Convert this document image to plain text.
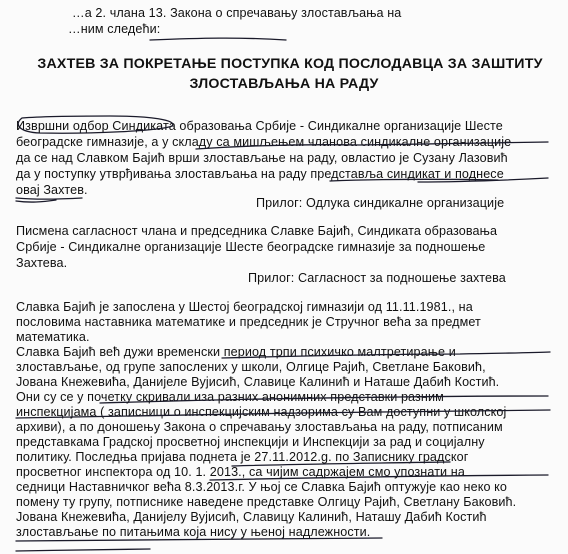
…а 2. члана 13. Закона о спречавању злостављања на
…ним следећи:
ЗАХТЕВ ЗА ПОКРЕТАЊЕ ПОСТУПКА КОД ПОСЛОДАВЦА ЗА ЗАШТИТУ
ЗЛОСТАВЉАЊА НА РАДУ
Извршни одбор Синдиката образовања Србије - Синдикалне организације Шесте
београдске гимназије, а у складу са мишљењем чланова синдикалне организације
да се над Славком Бајић врши злостављање на раду, овластио је Сузану Лазовић
да у поступку утврђивања злостављања на раду представља синдикат и поднесе
овај Захтев.
Прилог: Одлука синдикалне организације
Писмена сагласност члана и председника Славке Бајић, Синдиката образовања
Србије - Синдикалне организације Шесте београдске гимназије за подношење
Захтева.
Прилог: Сагласност за подношење захтева
Славка Бајић је запослена у Шестој београдској гимназији од 11.11.1981., на
пословима наставника математике и председник је Стручног већа за предмет
математика.
Славка Бајић већ дужи временски период трпи психичко малтретирање и
злостављање, од групе запослених у школи, Олгице Рајић, Светлане Баковић,
Јована Кнежевића, Данијеле Вујисић, Славице Калинић и Наташе Дабић Костић.
Они су се у почетку скривали иза разних анонимних представки разним
инспекцијама ( записници о инспекцијским надзорима су Вам доступни у школској
архиви), а по доношењу Закона о спречавању злостављања на раду, потписаним
представкама Градској просветној инспекцији и Инспекцији за рад и социјалну
политику. Последња пријава поднета је 27.11.2012.g. по Записнику градског
просветног инспектора од 10. 1. 2013., са чијим садржајем смо упознати на
седници Наставничког већа 8.3.2013.г. У њој се Славка Бајић оптужује као неко ко
помену ту групу, потписнике наведене представке Олгицу Рајић, Светлану Баковић.
Јована Кнежевића, Данијелу Вујисић, Славицу Калинић, Наташу Дабић Костић
злостављање по питањима која нису у њеној надлежности.
